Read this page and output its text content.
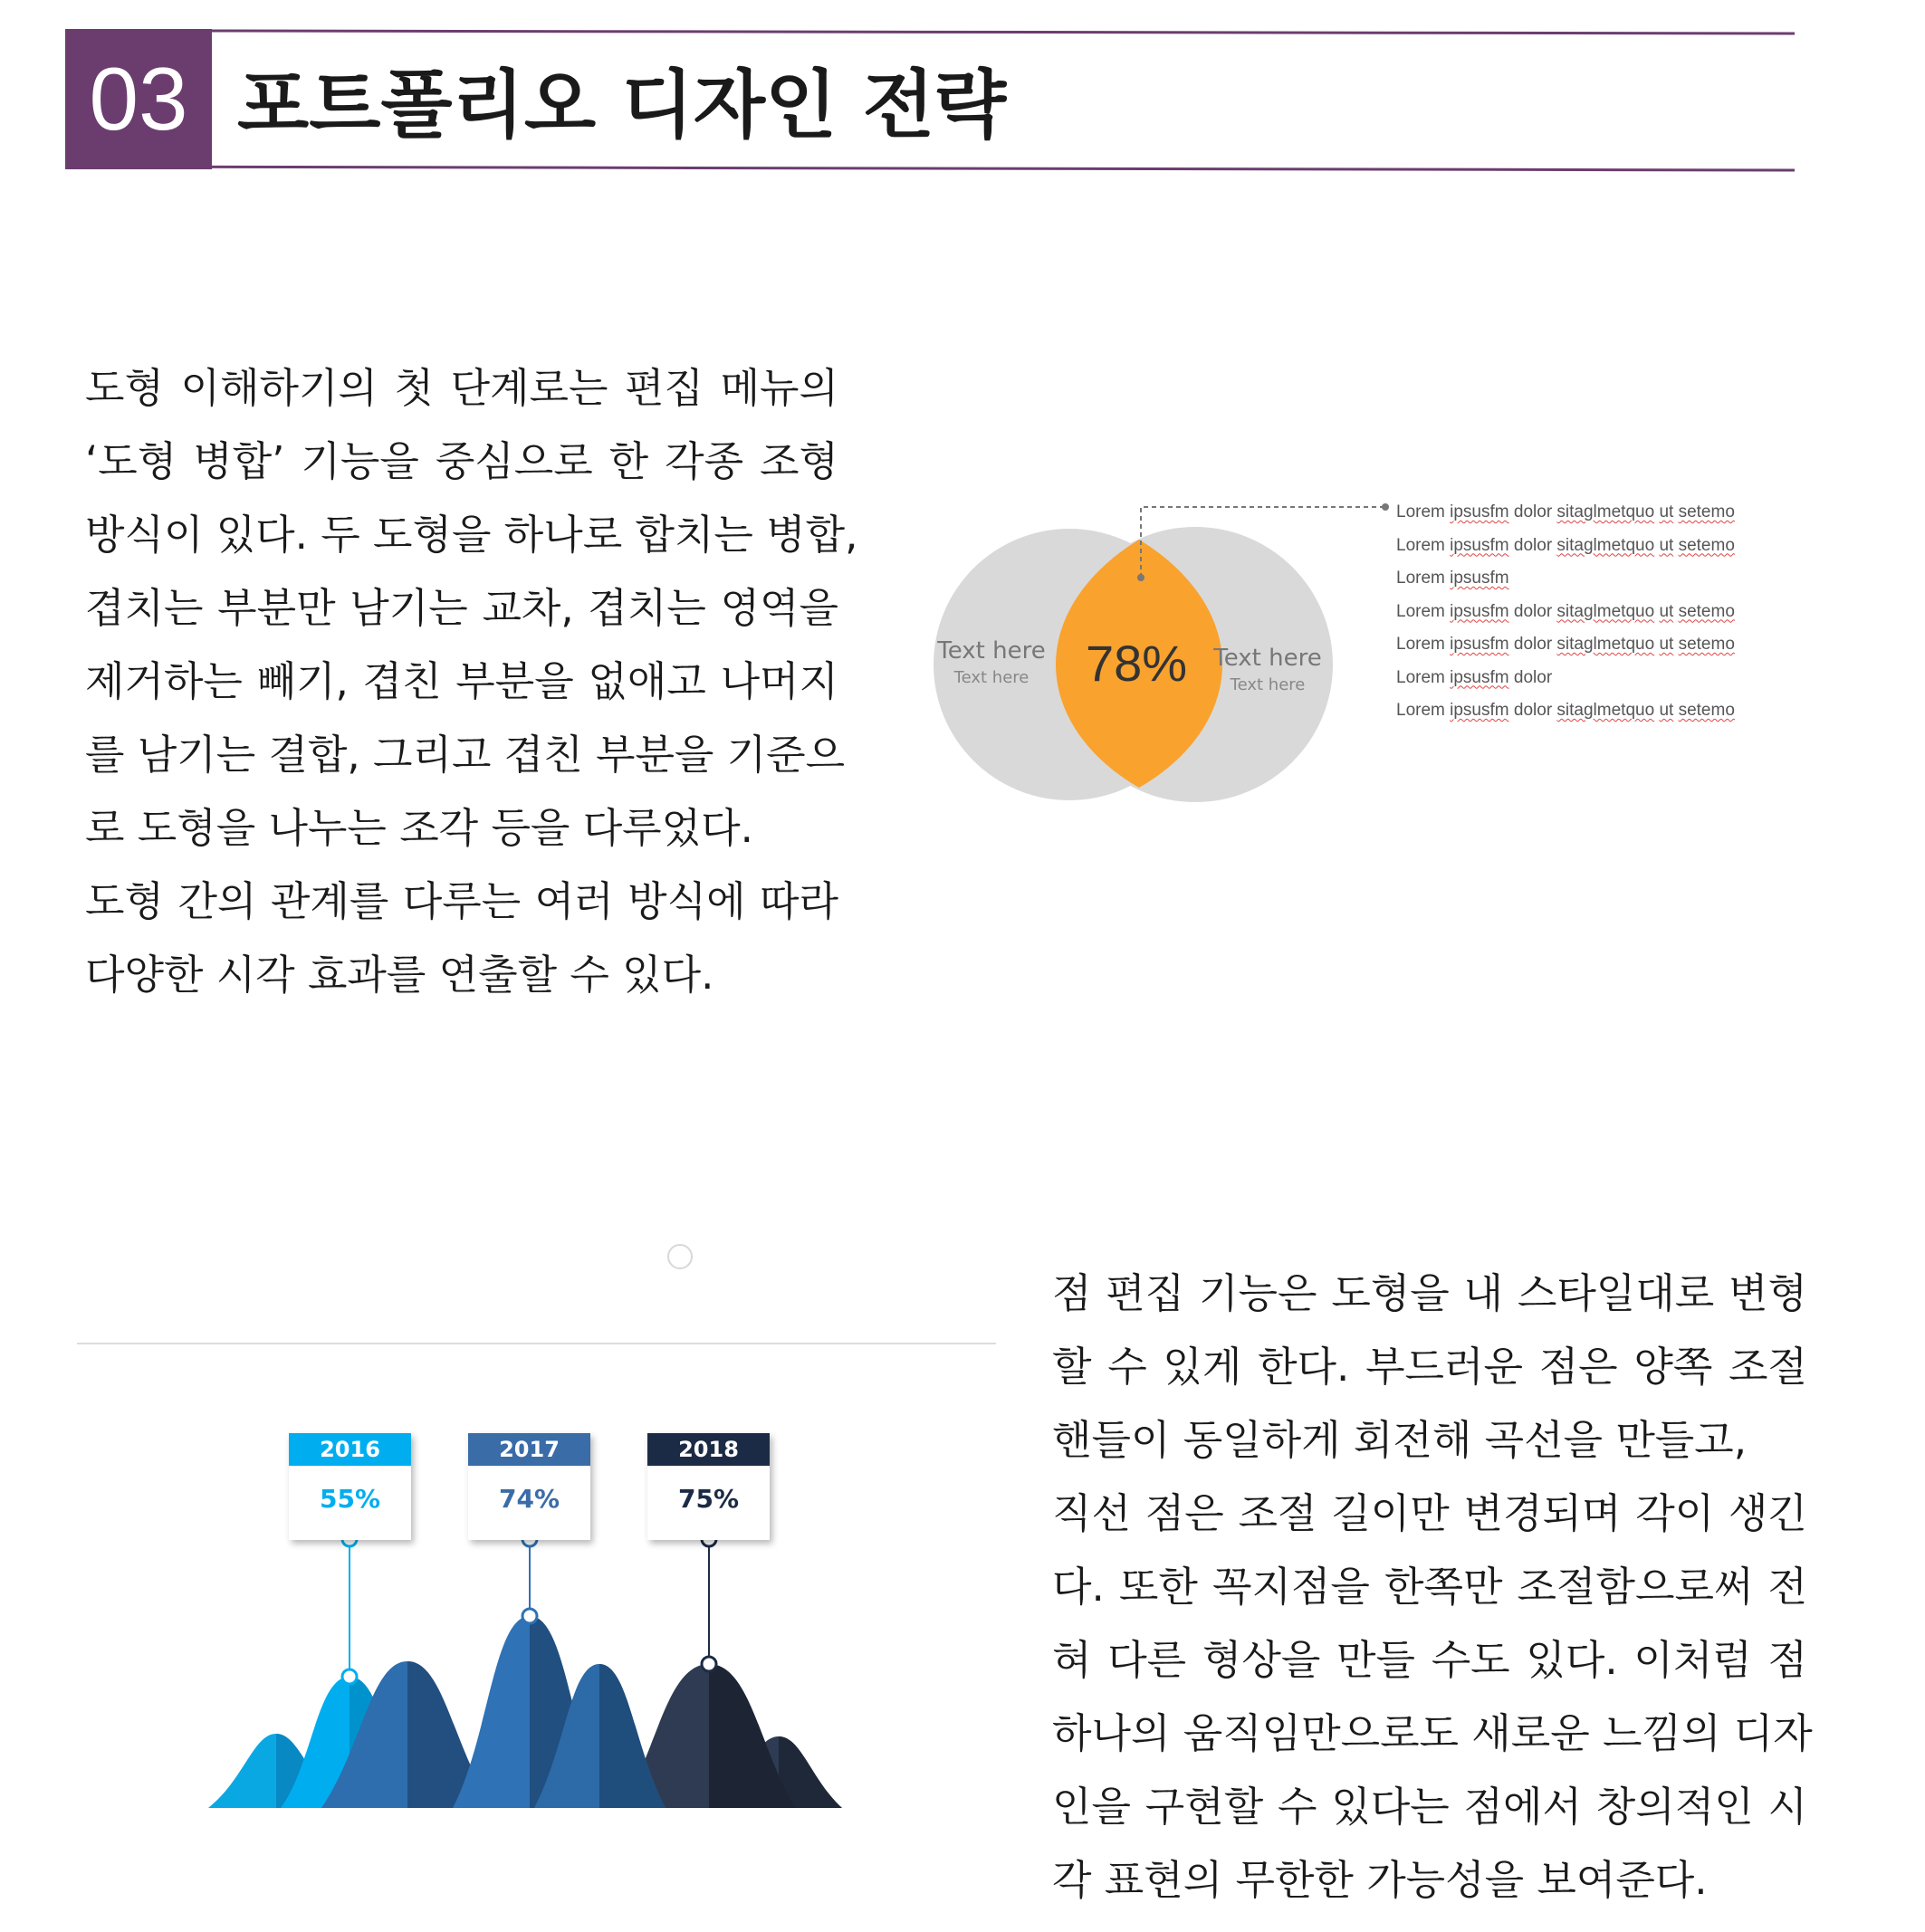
03 포트폴리오 디자인 전략
도형 이해하기의 첫 단계로는 편집 메뉴의
‘도형 병합’ 기능을 중심으로 한 각종 조형
방식이 있다. 두 도형을 하나로 합치는 병합,
겹치는 부분만 남기는 교차, 겹치는 영역을
제거하는 빼기, 겹친 부분을 없애고 나머지
를 남기는 결합, 그리고 겹친 부분을 기준으
로 도형을 나누는 조각 등을 다루었다.
도형 간의 관계를 다루는 여러 방식에 따라
다양한 시각 효과를 연출할 수 있다.
Text here
Text here
Text here
Text here
78%
Lorem ipsusfm dolor sitaglmetquo ut setemo
Lorem ipsusfm dolor sitaglmetquo ut setemo
Lorem ipsusfm
Lorem ipsusfm dolor sitaglmetquo ut setemo
Lorem ipsusfm dolor sitaglmetquo ut setemo
Lorem ipsusfm dolor
Lorem ipsusfm dolor sitaglmetquo ut setemo
2016
55%
2017
74%
2018
75%
점 편집 기능은 도형을 내 스타일대로 변형
할 수 있게 한다. 부드러운 점은 양쪽 조절
핸들이 동일하게 회전해 곡선을 만들고,
직선 점은 조절 길이만 변경되며 각이 생긴
다. 또한 꼭지점을 한쪽만 조절함으로써 전
혀 다른 형상을 만들 수도 있다. 이처럼 점
하나의 움직임만으로도 새로운 느낌의 디자
인을 구현할 수 있다는 점에서 창의적인 시
각 표현의 무한한 가능성을 보여준다.
